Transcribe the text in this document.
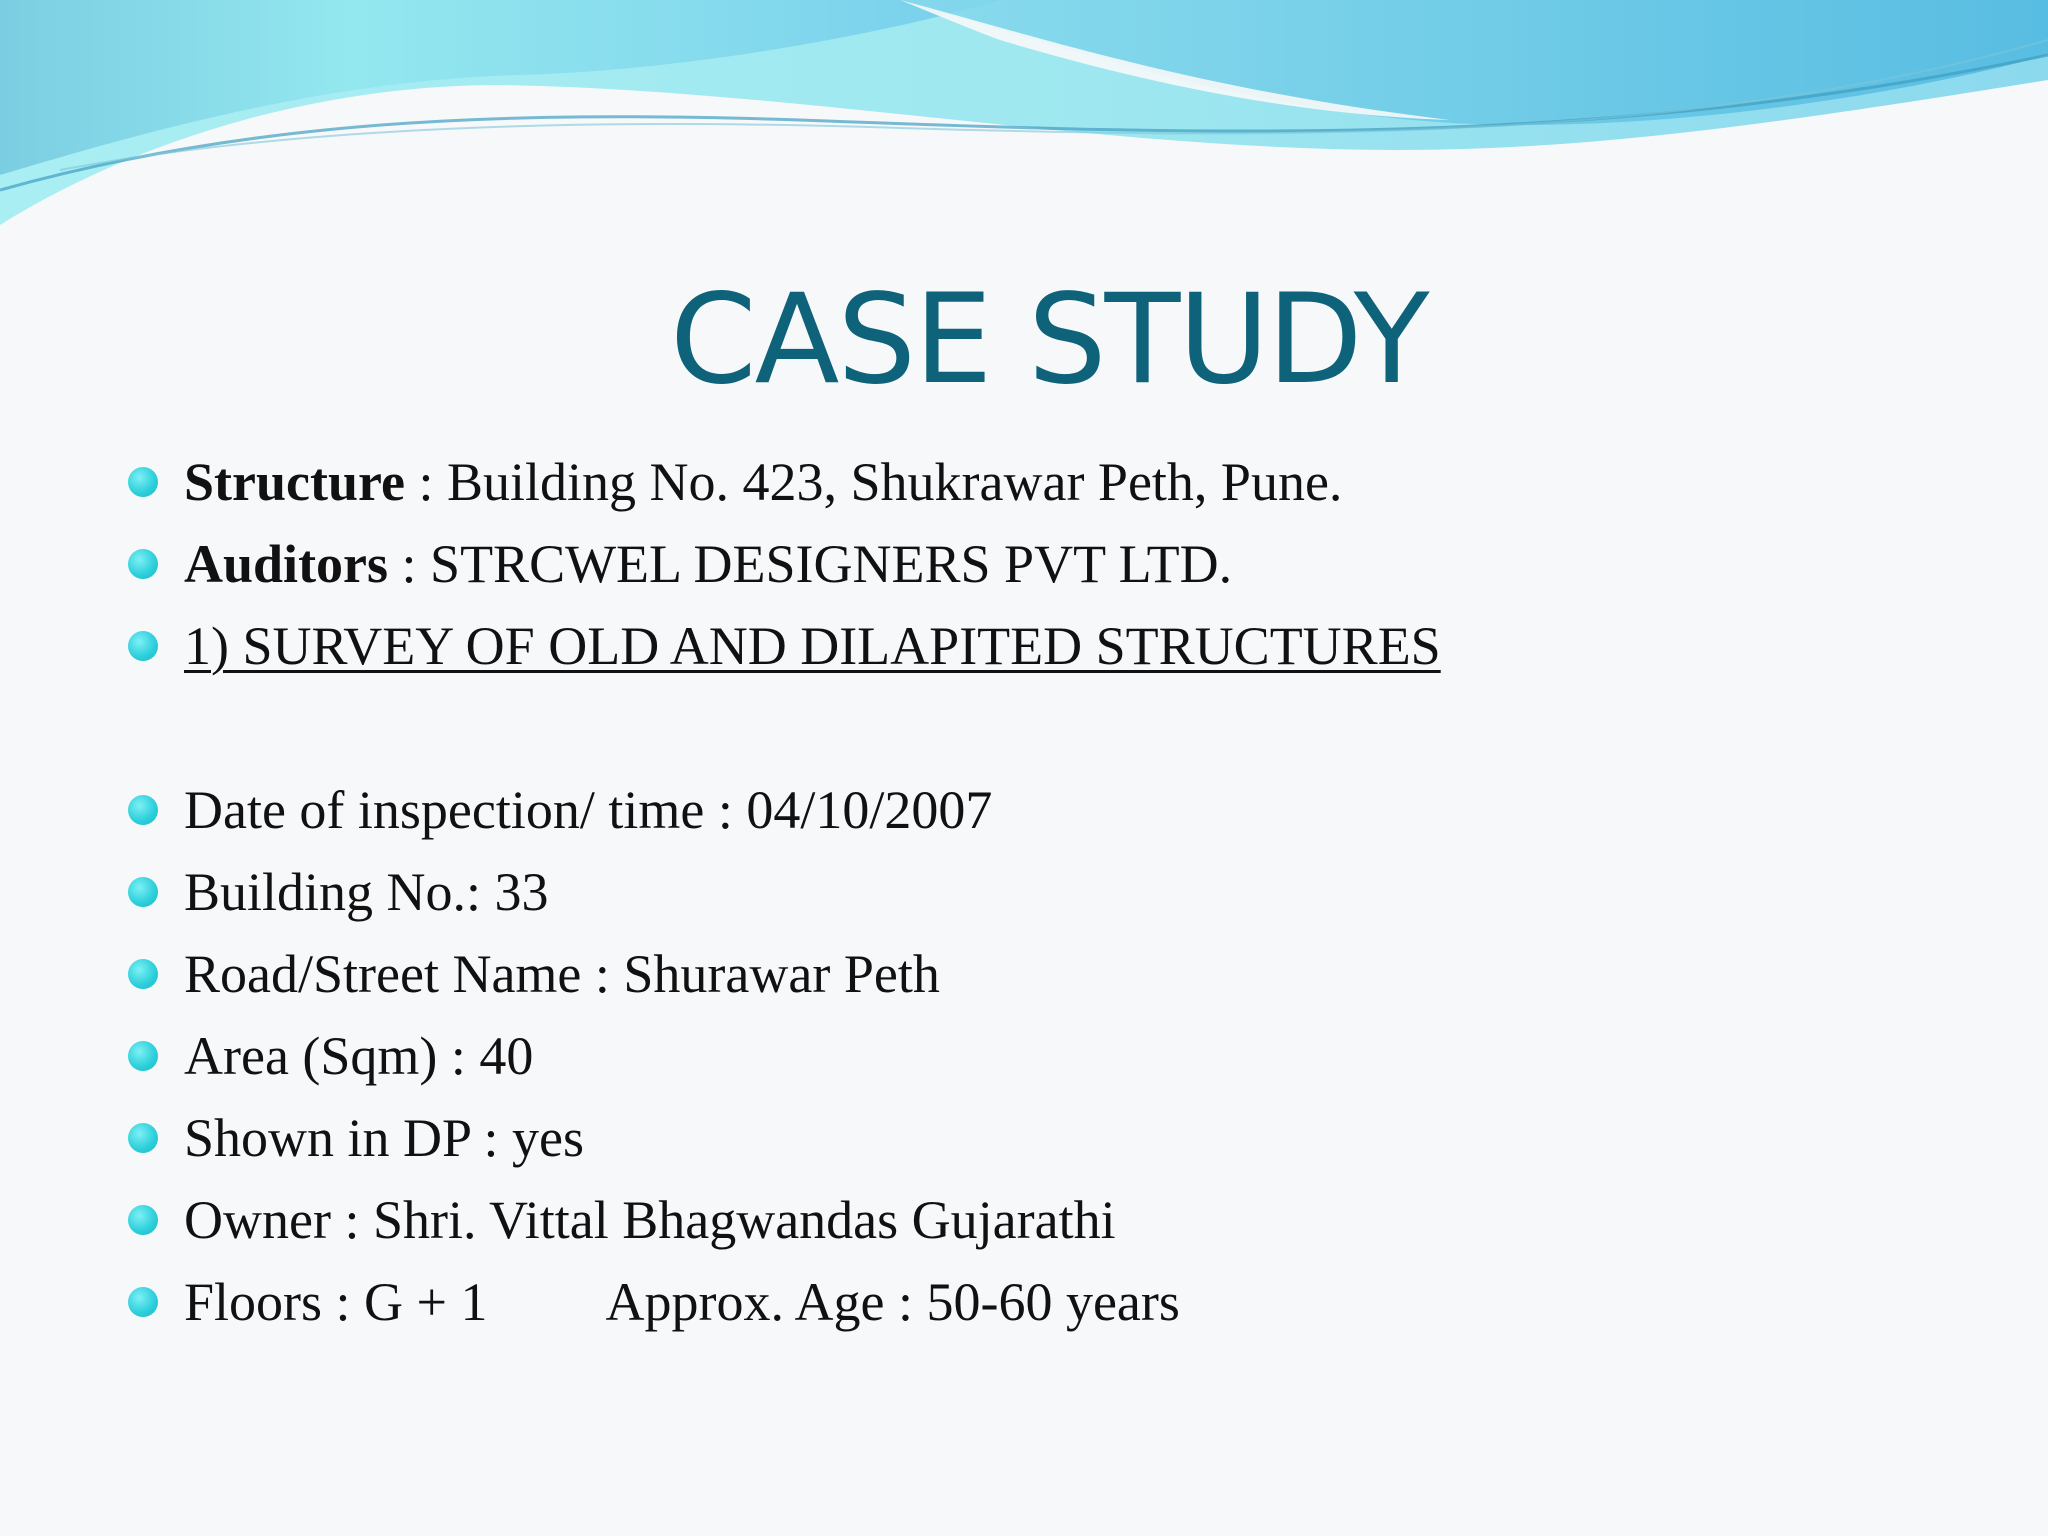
CASE STUDY
Structure : Building No. 423, Shukrawar Peth, Pune.
Auditors : STRCWEL DESIGNERS PVT LTD.
1) SURVEY OF OLD AND DILAPITED STRUCTURES
Date of inspection/ time : 04/10/2007
Building No.: 33
Road/Street Name : Shurawar Peth
Area (Sqm) : 40
Shown in DP : yes
Owner : Shri. Vittal Bhagwandas Gujarathi
Floors : G + 1 Approx. Age : 50-60 years
